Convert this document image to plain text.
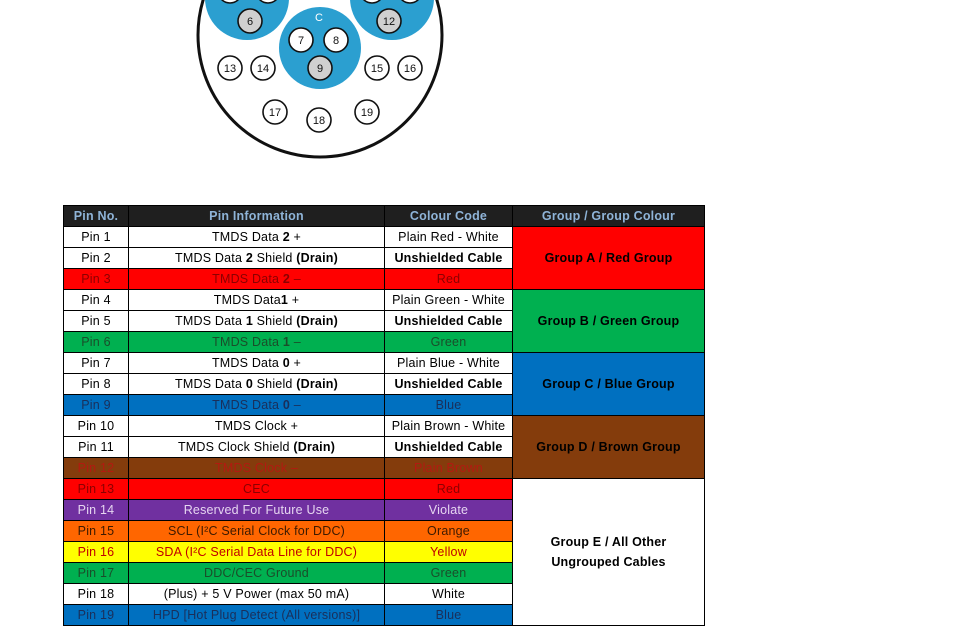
6
7	8
9
12
13 14	15 16
17
18
19
C
Pin No.	Pin Information	Colour Code	Group / Group Colour
Pin 1	TMDS Data 2 +	Plain Red - White	Group A / Red Group
Pin 2	TMDS Data 2 Shield (Drain)	Unshielded Cable	
Pin 3	TMDS Data 2 –	Red	
Pin 4	TMDS Data1 +	Plain Green - White	Group B / Green Group
Pin 5	TMDS Data 1 Shield (Drain)	Unshielded Cable	
Pin 6	TMDS Data 1 –	Green	
Pin 7	TMDS Data 0 +	Plain Blue - White	Group C / Blue Group
Pin 8	TMDS Data 0 Shield (Drain)	Unshielded Cable	
Pin 9	TMDS Data 0 –	Blue	
Pin 10	TMDS Clock +	Plain Brown - White	Group D / Brown Group
Pin 11	TMDS Clock Shield (Drain)	Unshielded Cable	
Pin 12	TMDS Clock –	Plain Brown	
Pin 13	CEC	Red	Group E / All Other
Ungrouped Cables

Pin 14	Reserved For Future Use	Violate	
Pin 15	SCL (I²C Serial Clock for DDC)	Orange	
Pin 16	SDA (I²C Serial Data Line for DDC)	Yellow	
Pin 17	DDC/CEC Ground	Green	
Pin 18	(Plus) + 5 V Power (max 50 mA)	White	
Pin 19	HPD [Hot Plug Detect (All versions)]	Blue	
